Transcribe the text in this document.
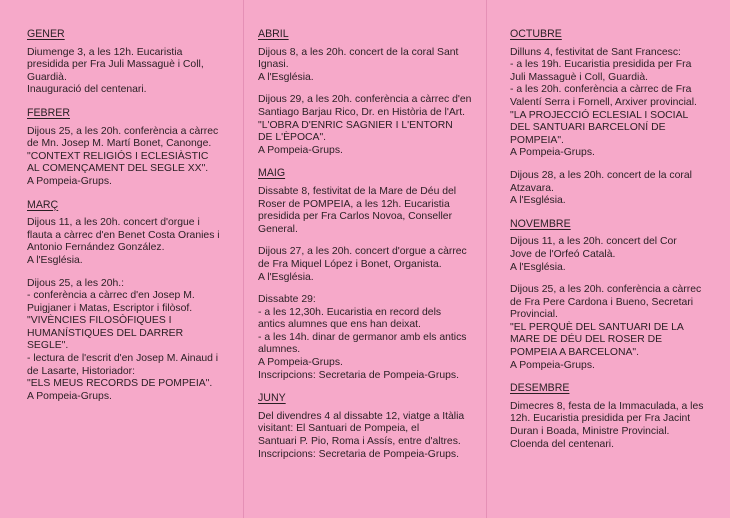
GENER
Diumenge 3, a les 12h. Eucaristia
presidida per Fra Juli Massaguè i Coll,
Guardià.
Inauguració del centenari.
FEBRER
Dijous 25, a les 20h. conferència a càrrec
de Mn. Josep M. Martí Bonet, Canonge.
"CONTEXT RELIGIÓS I ECLESIÀSTIC
AL COMENÇAMENT DEL SEGLE XX".
A Pompeia-Grups.
MARÇ
Dijous 11, a les 20h. concert d'orgue i
flauta a càrrec d'en Benet Costa Oranies i
Antonio Fernández González.
A l'Església.
Dijous 25, a les 20h.:
- conferència a càrrec d'en Josep M.
Puigjaner i Matas, Escriptor i filòsof.
"VIVÈNCIES FILOSÒFIQUES I
HUMANÍSTIQUES DEL DARRER
SEGLE".
- lectura de l'escrit d'en Josep M. Ainaud i
de Lasarte, Historiador:
"ELS MEUS RECORDS DE POMPEIA".
A Pompeia-Grups.
ABRIL
Dijous 8, a les 20h. concert de la coral Sant
Ignasi.
A l'Església.
Dijous 29, a les 20h. conferència a càrrec d'en
Santiago Barjau Rico, Dr. en Història de l'Art.
"L'OBRA D'ENRIC SAGNIER I L'ENTORN
DE L'ÈPOCA".
A Pompeia-Grups.
MAIG
Dissabte 8, festivitat de la Mare de Déu del
Roser de POMPEIA, a les 12h. Eucaristia
presidida per Fra Carlos Novoa, Conseller
General.
Dijous 27, a les 20h. concert d'orgue a càrrec
de Fra Miquel López i Bonet, Organista.
A l'Església.
Dissabte 29:
- a les 12,30h. Eucaristia en record dels
antics alumnes que ens han deixat.
- a les 14h. dinar de germanor amb els antics
alumnes.
A Pompeia-Grups.
Inscripcions: Secretaria de Pompeia-Grups.
JUNY
Del divendres 4 al dissabte 12, viatge a Itàlia
visitant: El Santuari de Pompeia, el
Santuari P. Pio, Roma i Assís, entre d'altres.
Inscripcions: Secretaria de Pompeia-Grups.
OCTUBRE
Dilluns 4, festivitat de Sant Francesc:
- a les 19h. Eucaristia presidida per Fra
Juli Massaguè i Coll, Guardià.
- a les 20h. conferència a càrrec de Fra
Valentí Serra i Fornell, Arxiver provincial.
"LA PROJECCIÓ ECLESIAL I SOCIAL
DEL SANTUARI BARCELONÍ DE
POMPEIA".
A Pompeia-Grups.
Dijous 28, a les 20h. concert de la coral
Atzavara.
A l'Església.
NOVEMBRE
Dijous 11, a les 20h. concert del Cor
Jove de l'Orfeó Català.
A l'Església.
Dijous 25, a les 20h. conferència a càrrec
de Fra Pere Cardona i Bueno, Secretari
Provincial.
"EL PERQUÈ DEL SANTUARI DE LA
MARE DE DÉU DEL ROSER DE
POMPEIA A BARCELONA".
A Pompeia-Grups.
DESEMBRE
Dimecres 8, festa de la Immaculada, a les
12h. Eucaristia presidida per Fra Jacint
Duran i Boada, Ministre Provincial.
Cloenda del centenari.
